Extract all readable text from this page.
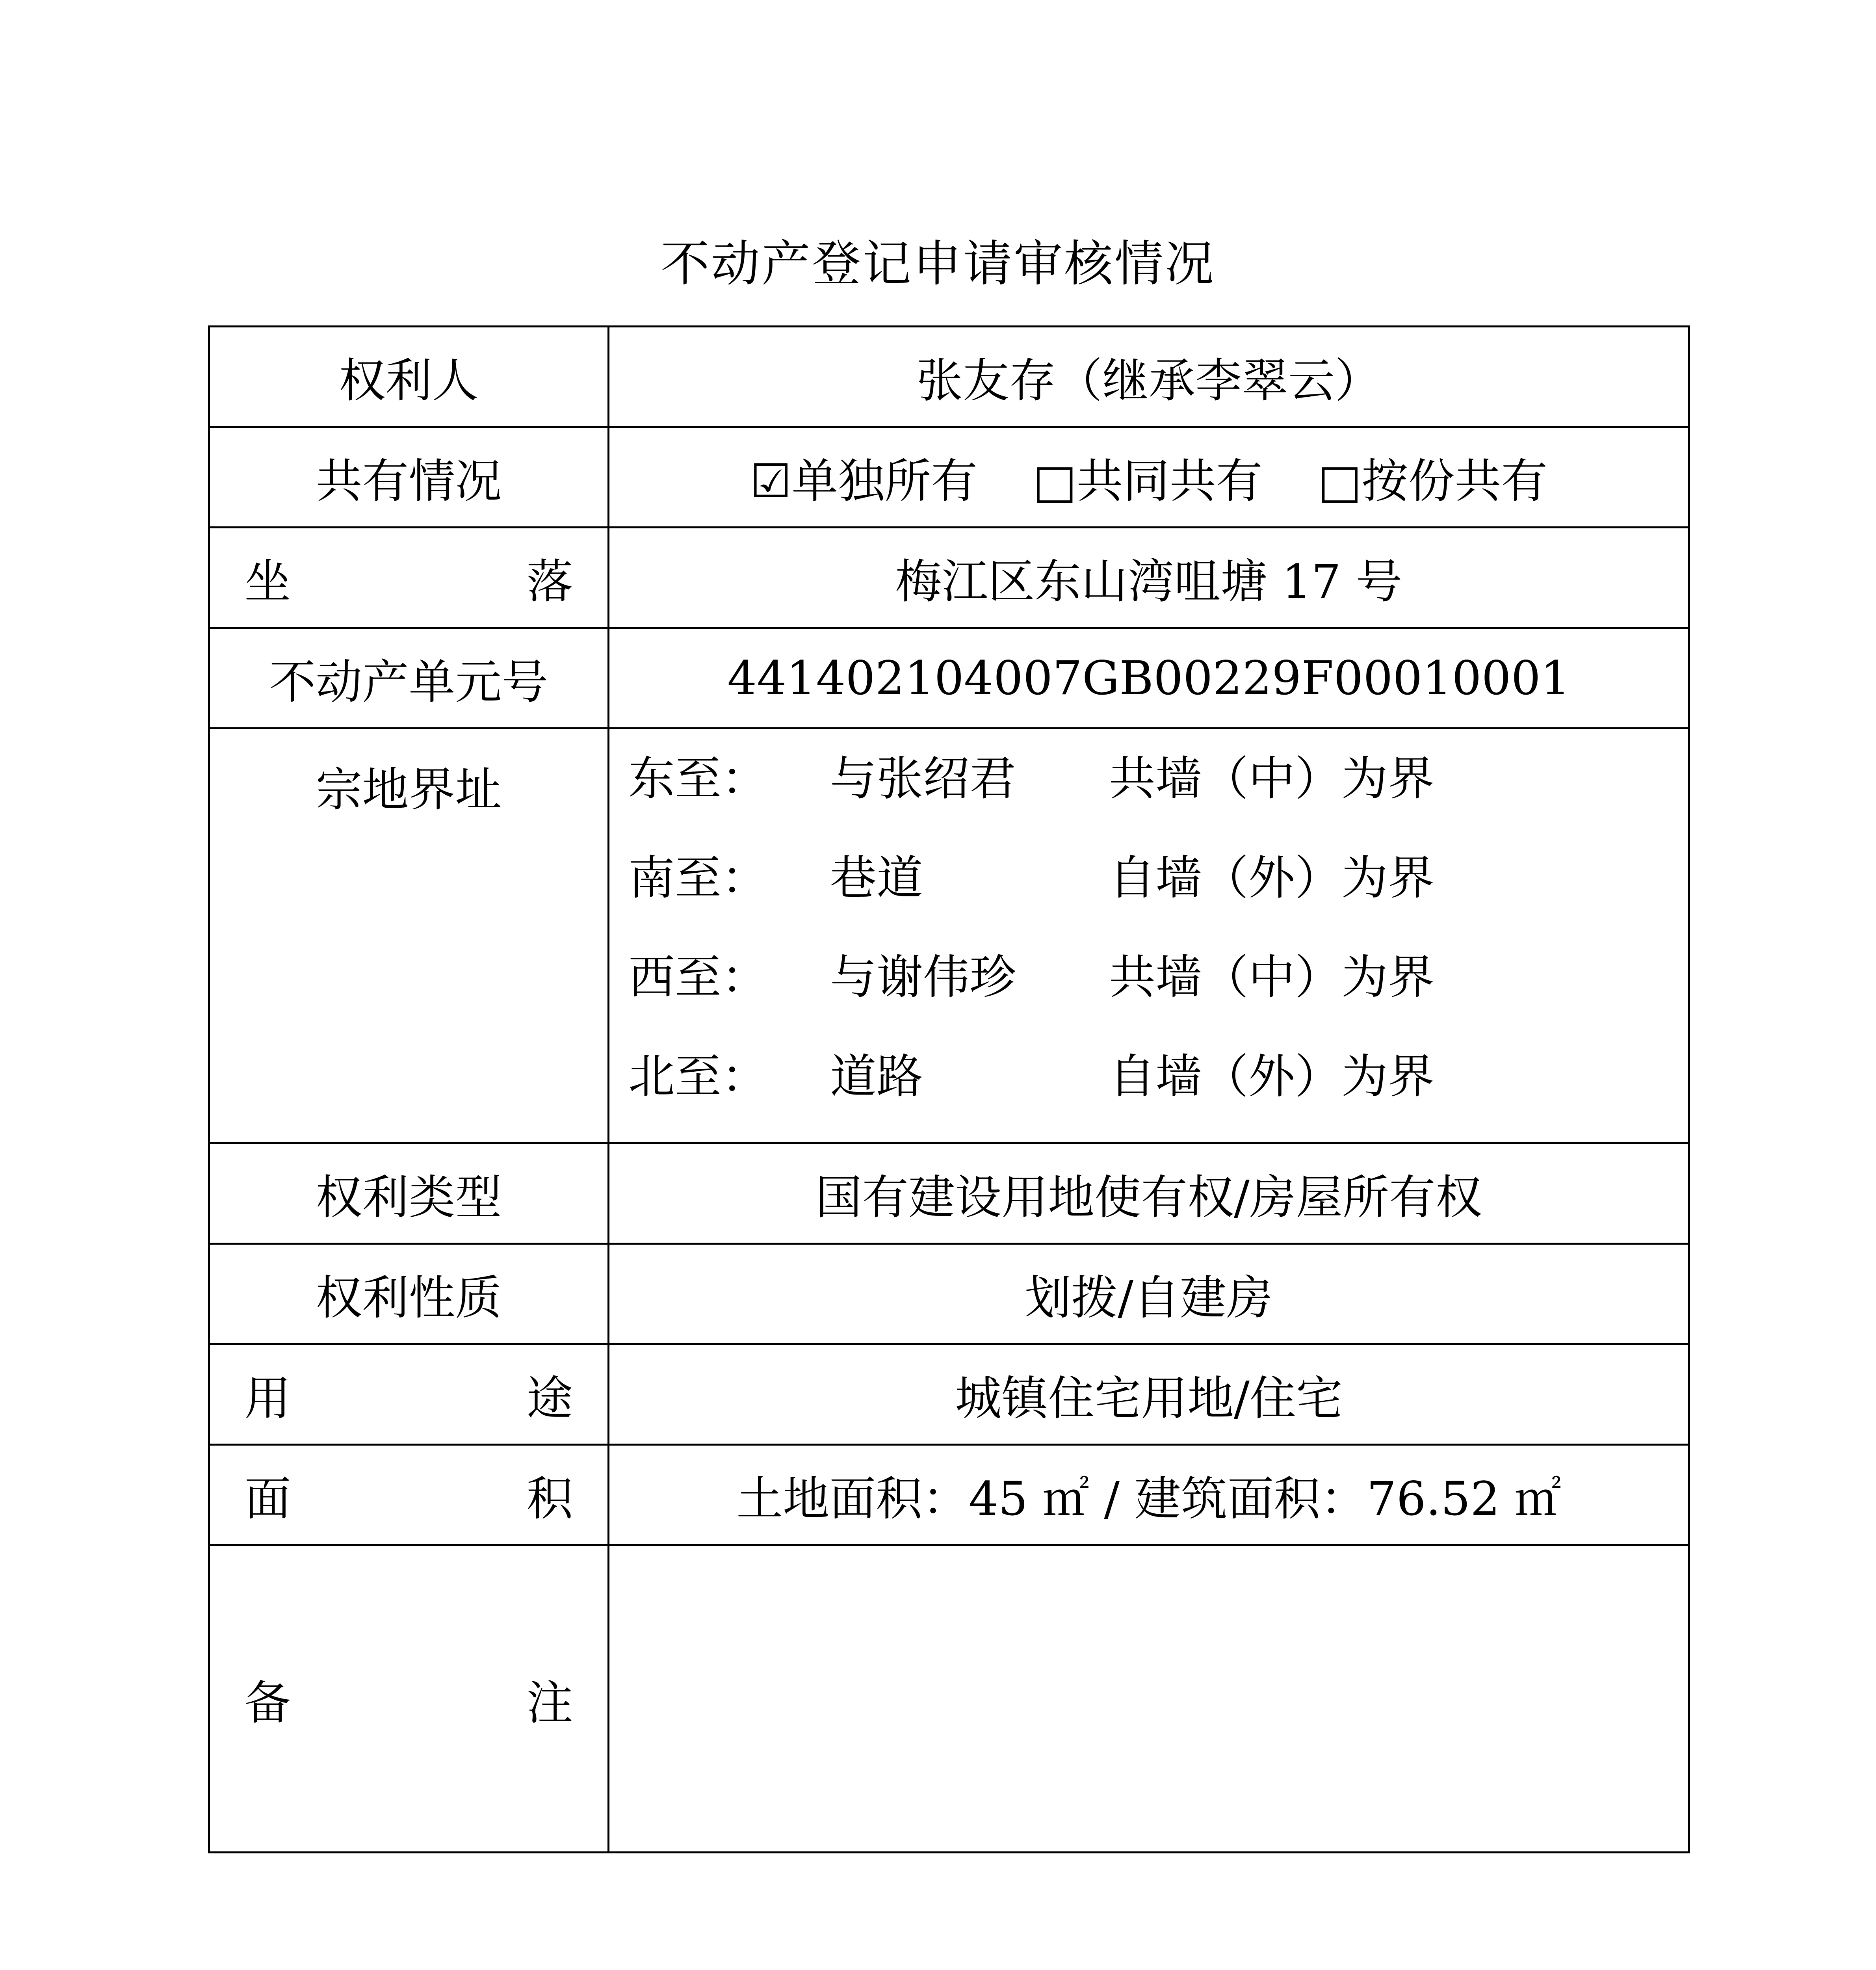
不动产登记申请审核情况
权利人	张友存（继承李翠云）
共有情况	☑单独所有 □共同共有 □按份共有
坐　落	梅江区东山湾咀塘 17 号
不动产单元号	441402104007GB00229F00010001
宗地界址	东至： 与张绍君 共墙（中）为界
南至： 巷道 自墙（外）为界
西至： 与谢伟珍 共墙（中）为界
北至： 道路 自墙（外）为界

权利类型	国有建设用地使有权/房屋所有权
权利性质	划拨/自建房
用　途	城镇住宅用地/住宅
面　积	土地面积：45 ㎡ / 建筑面积：76.52 ㎡
备　注	
